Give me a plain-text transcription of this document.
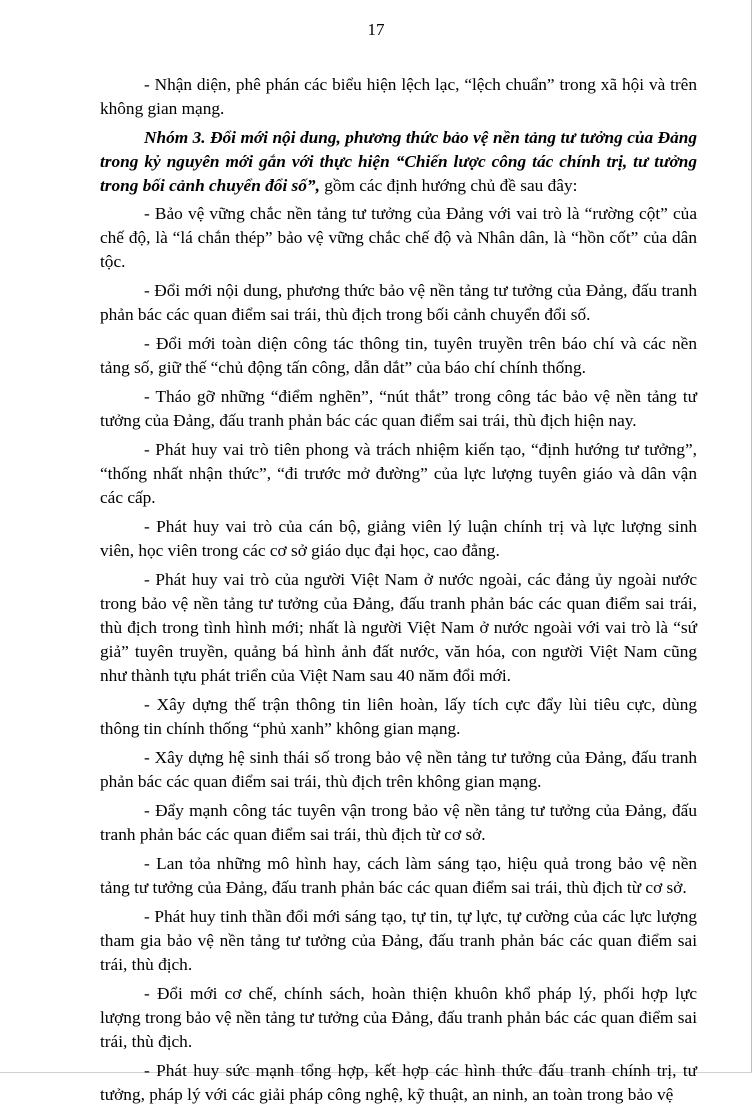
17

- Nhận diện, phê phán các biểu hiện lệch lạc, “lệch chuẩn” trong xã hội và trên không gian mạng.

Nhóm 3. Đổi mới nội dung, phương thức bảo vệ nền tảng tư tưởng của Đảng trong kỷ nguyên mới gắn với thực hiện “Chiến lược công tác chính trị, tư tưởng trong bối cảnh chuyển đổi số”, gồm các định hướng chủ đề sau đây:

- Bảo vệ vững chắc nền tảng tư tưởng của Đảng với vai trò là “rường cột” của chế độ, là “lá chắn thép” bảo vệ vững chắc chế độ và Nhân dân, là “hồn cốt” của dân tộc.

- Đổi mới nội dung, phương thức bảo vệ nền tảng tư tưởng của Đảng, đấu tranh phản bác các quan điểm sai trái, thù địch trong bối cảnh chuyển đổi số.

- Đổi mới toàn diện công tác thông tin, tuyên truyền trên báo chí và các nền tảng số, giữ thế “chủ động tấn công, dẫn dắt” của báo chí chính thống.

- Tháo gỡ những “điểm nghẽn”, “nút thắt” trong công tác bảo vệ nền tảng tư tưởng của Đảng, đấu tranh phản bác các quan điểm sai trái, thù địch hiện nay.

- Phát huy vai trò tiên phong và trách nhiệm kiến tạo, “định hướng tư tưởng”, “thống nhất nhận thức”, “đi trước mở đường” của lực lượng tuyên giáo và dân vận các cấp.

- Phát huy vai trò của cán bộ, giảng viên lý luận chính trị và lực lượng sinh viên, học viên trong các cơ sở giáo dục đại học, cao đẳng.

- Phát huy vai trò của người Việt Nam ở nước ngoài, các đảng ủy ngoài nước trong bảo vệ nền tảng tư tưởng của Đảng, đấu tranh phản bác các quan điểm sai trái, thù địch trong tình hình mới; nhất là người Việt Nam ở nước ngoài với vai trò là “sứ giả” tuyên truyền, quảng bá hình ảnh đất nước, văn hóa, con người Việt Nam cũng như thành tựu phát triển của Việt Nam sau 40 năm đổi mới.

- Xây dựng thế trận thông tin liên hoàn, lấy tích cực đẩy lùi tiêu cực, dùng thông tin chính thống “phủ xanh” không gian mạng.

- Xây dựng hệ sinh thái số trong bảo vệ nền tảng tư tưởng của Đảng, đấu tranh phản bác các quan điểm sai trái, thù địch trên không gian mạng.

- Đẩy mạnh công tác tuyên vận trong bảo vệ nền tảng tư tưởng của Đảng, đấu tranh phản bác các quan điểm sai trái, thù địch từ cơ sở.

- Lan tỏa những mô hình hay, cách làm sáng tạo, hiệu quả trong bảo vệ nền tảng tư tưởng của Đảng, đấu tranh phản bác các quan điểm sai trái, thù địch từ cơ sở.

- Phát huy tinh thần đổi mới sáng tạo, tự tin, tự lực, tự cường của các lực lượng tham gia bảo vệ nền tảng tư tưởng của Đảng, đấu tranh phản bác các quan điểm sai trái, thù địch.

- Đổi mới cơ chế, chính sách, hoàn thiện khuôn khổ pháp lý, phối hợp lực lượng trong bảo vệ nền tảng tư tưởng của Đảng, đấu tranh phản bác các quan điểm sai trái, thù địch.

- Phát huy sức mạnh tổng hợp, kết hợp các hình thức đấu tranh chính trị, tư tưởng, pháp lý với các giải pháp công nghệ, kỹ thuật, an ninh, an toàn trong bảo vệ
